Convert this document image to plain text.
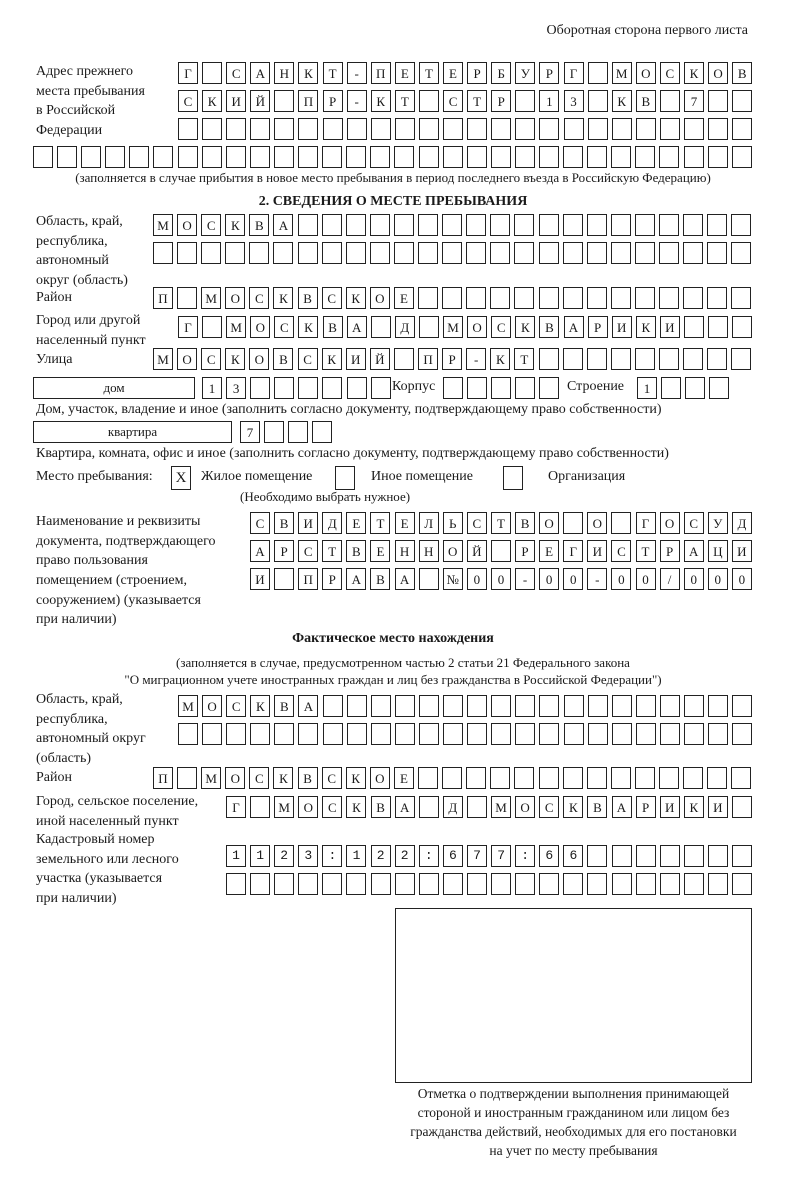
Оборотная сторона первого листа
Адрес прежнего
места пребывания
в Российской
Федерации
Г	С	А	Н	К	Т	-	П	Е	Т	Е	Р	Б	У	Р	Г	М	О	С	К	О	В
С	К	И	Й	П	Р	-	К	Т	С	Т	Р	1	3	К	В	7
(заполняется в случае прибытия в новое место пребывания в период последнего въезда в Российскую Федерацию)
2. СВЕДЕНИЯ О МЕСТЕ ПРЕБЫВАНИЯ
Область, край,
республика,
автономный
округ (область)
М	О	С	К	В	А
Район	П	М	О	С	К	В	С	К	О	Е
Город или другой
населенный пункт
Г	М	О	С	К	В	А	Д	М	О	С	К	В	А	Р	И	К	И
Улица	М	О	С	К	О	В	С	К	И	Й	П	Р	-	К	Т
дом	1	3	Корпус	Строение	1
Дом, участок, владение и иное (заполнить согласно документу, подтверждающему право собственности)
квартира	7
Квартира, комната, офис и иное (заполнить согласно документу, подтверждающему право собственности)
Место пребывания:	X	Жилое помещение	Иное помещение	Организация
(Необходимо выбрать нужное)
Наименование и реквизиты
документа, подтверждающего
право пользования
помещением (строением,
сооружением) (указывается
при наличии)
С	В	И	Д	Е	Т	Е	Л	Ь	С	Т	В	О	О	Г	О	С	У	Д
А	Р	С	Т	В	Е	Н	Н	О	Й	Р	Е	Г	И	С	Т	Р	А	Ц	И
И	П	Р	А	В	А	№	0	0	-	0	0	-	0	0	/	0	0	0
Фактическое место нахождения
(заполняется в случае, предусмотренном частью 2 статьи 21 Федерального закона
"О миграционном учете иностранных граждан и лиц без гражданства в Российской Федерации")
Область, край,
республика,
автономный округ
(область)
М	О	С	К	В	А
Район	П	М	О	С	К	В	С	К	О	Е
Город, сельское поселение,
иной населенный пункт
Г	М	О	С	К	В	А	Д	М	О	С	К	В	А	Р	И	К	И
Кадастровый номер
земельного или лесного
участка (указывается
при наличии)
1123:122:677:66
Отметка о подтверждении выполнения принимающей
стороной и иностранным гражданином или лицом без
гражданства действий, необходимых для его постановки
на учет по месту пребывания
